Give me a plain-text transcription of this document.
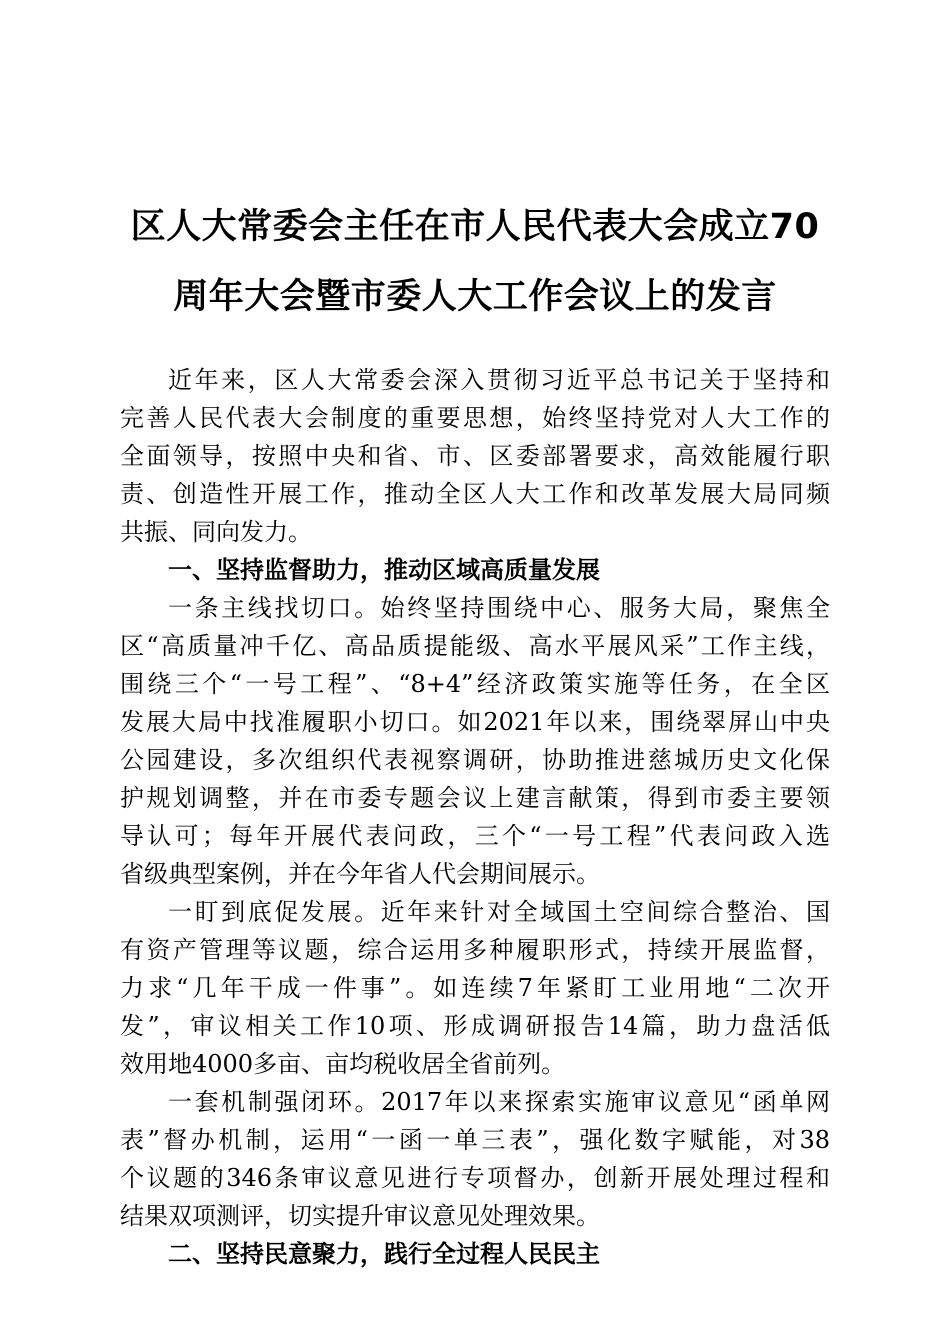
区人大常委会主任在市人民代表大会成立70
周年大会暨市委人大工作会议上的发言
近年来，区人大常委会深入贯彻习近平总书记关于坚持和
完善人民代表大会制度的重要思想，始终坚持党对人大工作的
全面领导，按照中央和省、市、区委部署要求，高效能履行职
责、创造性开展工作，推动全区人大工作和改革发展大局同频
共振、同向发力。
一、坚持监督助力，推动区域高质量发展
一条主线找切口。始终坚持围绕中心、服务大局，聚焦全
区“高质量冲千亿、高品质提能级、高水平展风采”工作主线，
围绕三个“一号工程”、“8+4”经济政策实施等任务，在全区
发展大局中找准履职小切口。如2021年以来，围绕翠屏山中央
公园建设，多次组织代表视察调研，协助推进慈城历史文化保
护规划调整，并在市委专题会议上建言献策，得到市委主要领
导认可；每年开展代表问政，三个“一号工程”代表问政入选
省级典型案例，并在今年省人代会期间展示。
一盯到底促发展。近年来针对全域国土空间综合整治、国
有资产管理等议题，综合运用多种履职形式，持续开展监督，
力求“几年干成一件事”。如连续7年紧盯工业用地“二次开
发”，审议相关工作10项、形成调研报告14篇，助力盘活低
效用地4000多亩、亩均税收居全省前列。
一套机制强闭环。2017年以来探索实施审议意见“函单网
表”督办机制，运用“一函一单三表”，强化数字赋能，对38
个议题的346条审议意见进行专项督办，创新开展处理过程和
结果双项测评，切实提升审议意见处理效果。
二、坚持民意聚力，践行全过程人民民主
